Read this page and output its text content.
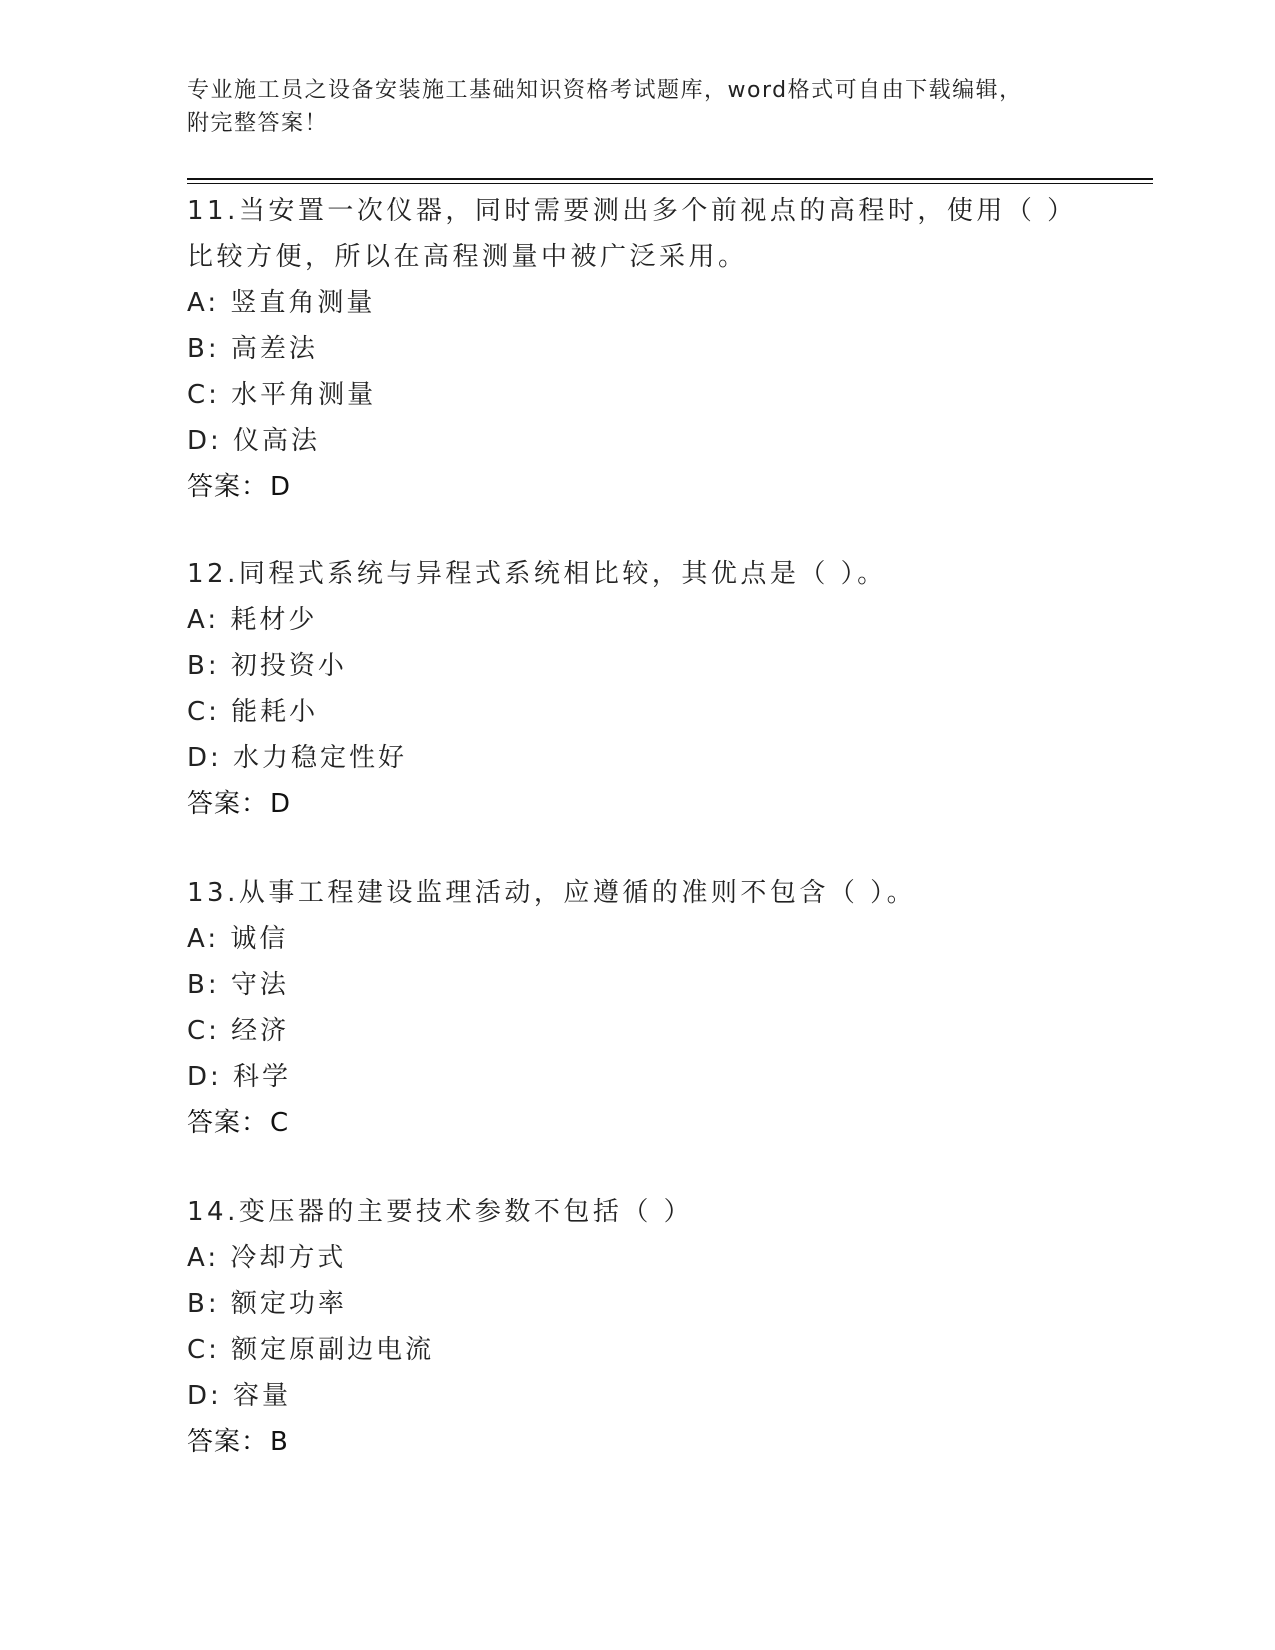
专业施工员之设备安装施工基础知识资格考试题库，word格式可自由下载编辑，
附完整答案！
11.当安置一次仪器，同时需要测出多个前视点的高程时，使用（ ）
比较方便，所以在高程测量中被广泛采用。
A: 竖直角测量
B: 高差法
C: 水平角测量
D: 仪高法
答案：D
12.同程式系统与异程式系统相比较，其优点是（ ）。
A: 耗材少
B: 初投资小
C: 能耗小
D: 水力稳定性好
答案：D
13.从事工程建设监理活动，应遵循的准则不包含（ ）。
A: 诚信
B: 守法
C: 经济
D: 科学
答案：C
14.变压器的主要技术参数不包括（ ）
A: 冷却方式
B: 额定功率
C: 额定原副边电流
D: 容量
答案：B
